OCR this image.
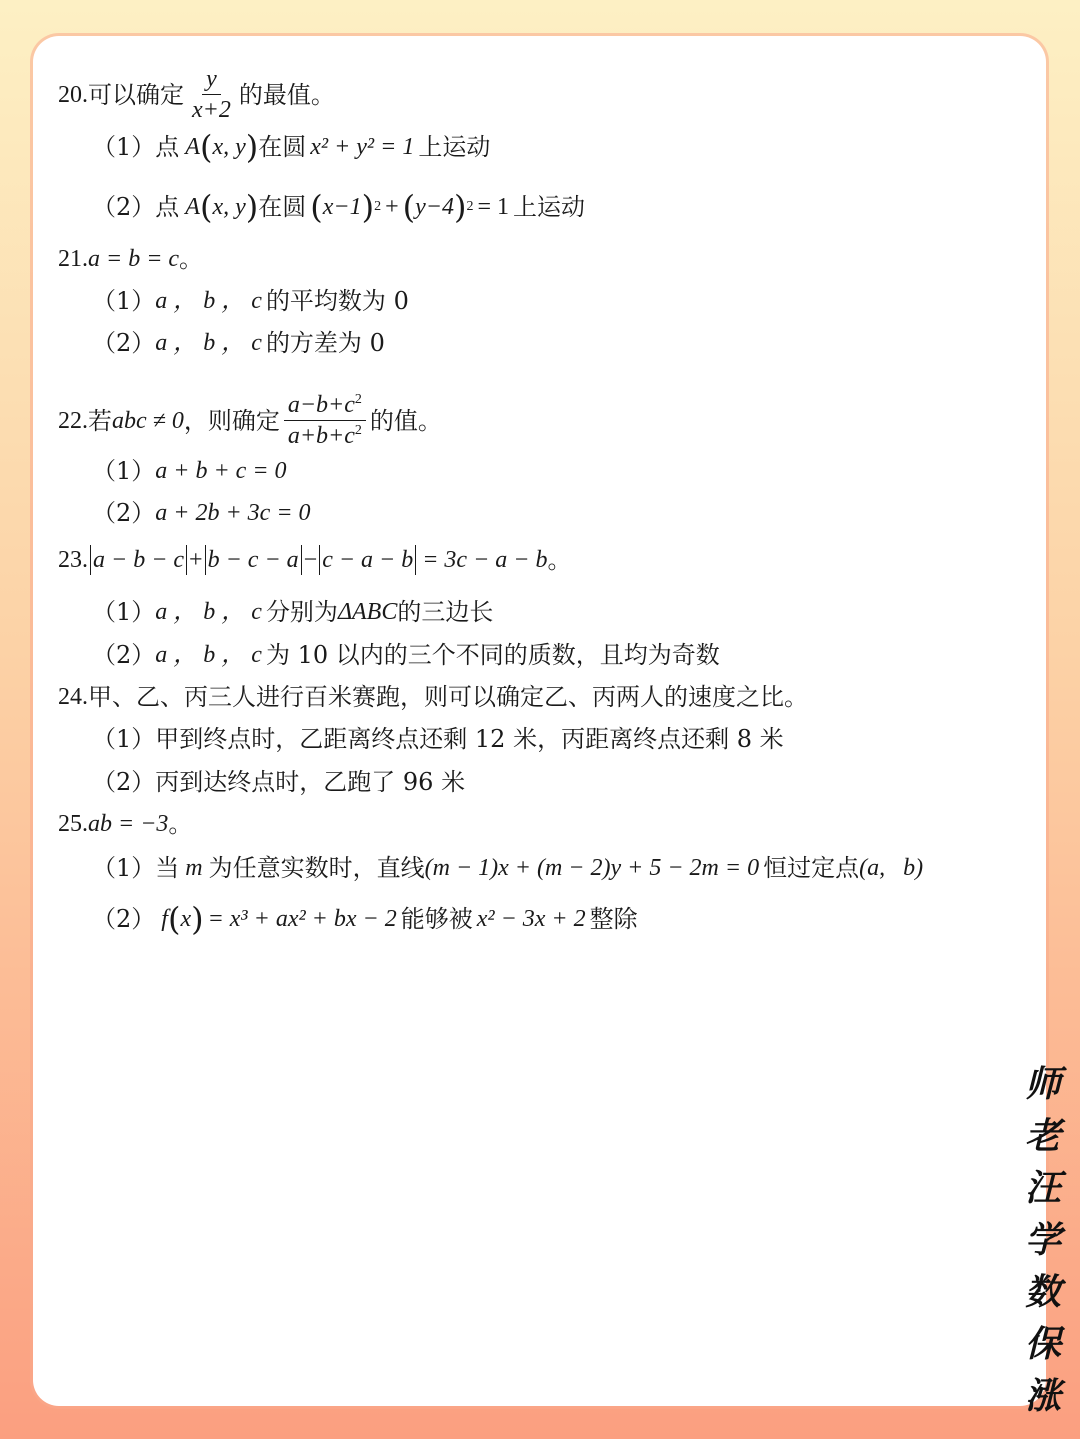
20. 可以确定 $\frac{y}{x+2}$ 的最值。
（1） 点 A ( x, y ) 在圆 x² + y² = 1 上运动
（2） 点 A ( x, y ) 在圆 ( x−1 ) 2 + ( y−4 ) 2 = 1 上运动
21. a = b = c 。
（1） a ， b ， c 的平均数为 0
（2） a ， b ， c 的方差为 0
22. 若 abc ≠ 0 ，则确定 $\frac{a-b+c^2}{a+b+c^2}$ 的值。
（1） a + b + c = 0
（2） a + 2b + 3c = 0
23. a − b − c + b − c − a − c − a − b = 3c − a − b 。
（1） a ， b ， c 分别为 ΔABC 的三边长
（2） a ， b ， c 为 10 以内的三个不同的质数，且均为奇数
24. 甲、乙、丙三人进行百米赛跑，则可以确定乙、丙两人的速度之比。
（1） 甲到终点时，乙距离终点还剩 12 米，丙距离终点还剩 8 米
（2） 丙到达终点时，乙跑了 96 米
25. ab = −3 。
（1） 当 m 为任意实数时，直线 (m − 1)x + (m − 2)y + 5 − 2m = 0 恒过定点 (a,   b)
（2） f ( x ) = x³ + ax² + bx − 2 能够被 x² − 3x + 2 整除
师
老
汪
学
数
保
涨
